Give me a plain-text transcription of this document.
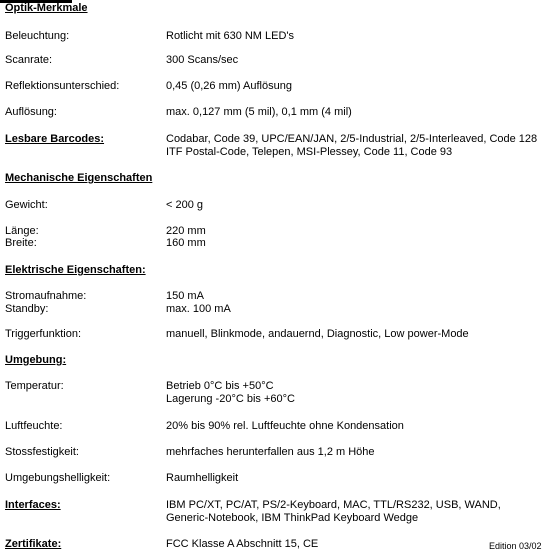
Optik-Merkmale
Beleuchtung:	Rotlicht mit 630 NM LED's
Scanrate:	300 Scans/sec
Reflektionsunterschied:	0,45 (0,26 mm) Auflösung
Auflösung:	max. 0,127 mm (5 mil), 0,1 mm (4 mil)
Lesbare Barcodes:	Codabar, Code 39, UPC/EAN/JAN, 2/5-Industrial, 2/5-Interleaved, Code 128
ITF Postal-Code, Telepen, MSI-Plessey, Code 11, Code 93
Mechanische Eigenschaften
Gewicht:	< 200 g
Länge:	220 mm
Breite:	160 mm
Elektrische Eigenschaften:
Stromaufnahme:	150 mA
Standby:	max. 100 mA
Triggerfunktion:	manuell, Blinkmode, andauernd, Diagnostic, Low power-Mode
Umgebung:
Temperatur:	Betrieb 0°C bis +50°C
Lagerung -20°C bis +60°C
Luftfeuchte:	20% bis 90% rel. Luftfeuchte ohne Kondensation
Stossfestigkeit:	mehrfaches herunterfallen aus 1,2 m Höhe
Umgebungshelligkeit:	Raumhelligkeit
Interfaces:	IBM PC/XT, PC/AT, PS/2-Keyboard, MAC, TTL/RS232, USB, WAND,
Generic-Notebook, IBM ThinkPad Keyboard Wedge
Zertifikate:	FCC Klasse A Abschnitt 15, CE	Edition 03/02
